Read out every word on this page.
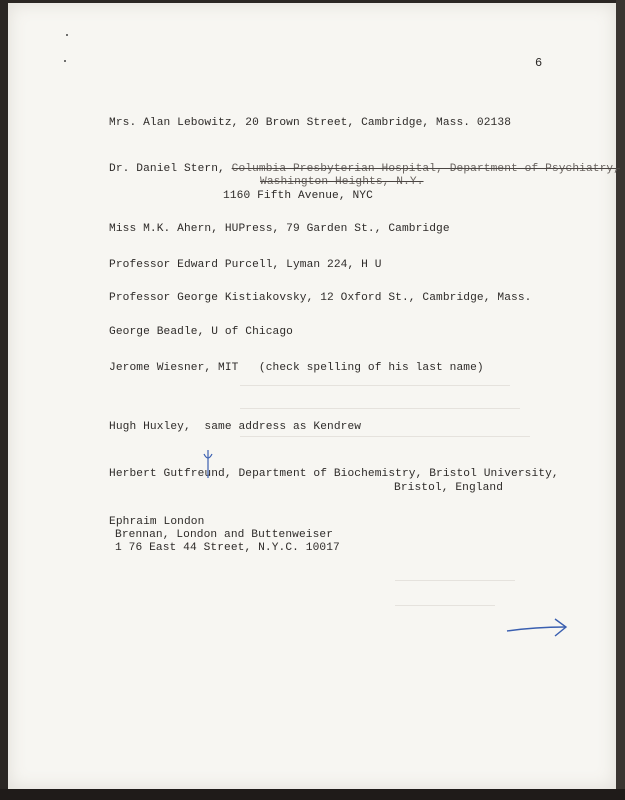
6
Mrs. Alan Lebowitz, 20 Brown Street, Cambridge, Mass. 02138
Dr. Daniel Stern, Columbia Presbyterian Hospital, Department of Psychiatry,
Washington Heights, N.Y.
1160 Fifth Avenue, NYC
Miss M.K. Ahern, HUPress, 79 Garden St., Cambridge
Professor Edward Purcell, Lyman 224, H U
Professor George Kistiakovsky, 12 Oxford St., Cambridge, Mass.
George Beadle, U of Chicago
Jerome Wiesner, MIT   (check spelling of his last name)
Hugh Huxley,  same address as Kendrew
Herbert Gutfreund, Department of Biochemistry, Bristol University,
Bristol, England
Ephraim London
Brennan, London and Buttenweiser
1 76 East 44 Street, N.Y.C. 10017
